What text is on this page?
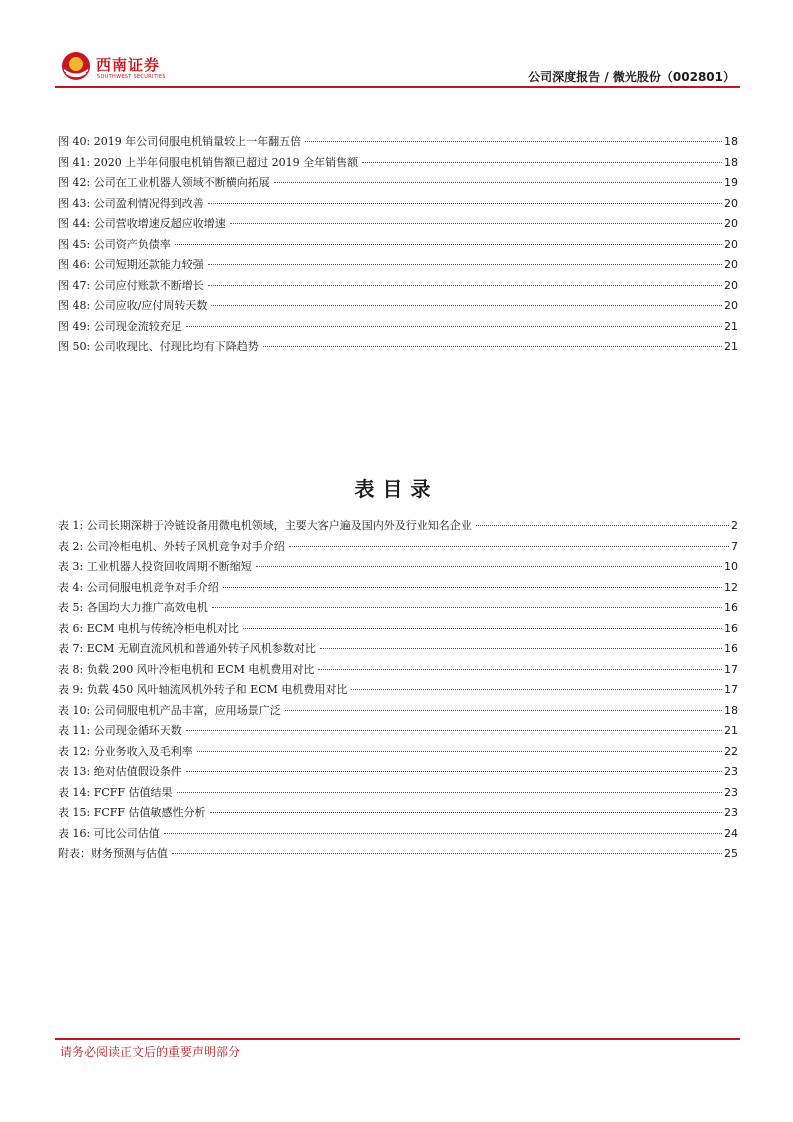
西南证券
SOUTHWEST SECURITIES	公司深度报告 / 微光股份（002801）
图 40: 2019 年公司伺服电机销量较上一年翻五倍	18
图 41: 2020 上半年伺服电机销售额已超过 2019 全年销售额	18
图 42: 公司在工业机器人领域不断横向拓展	19
图 43: 公司盈利情况得到改善	20
图 44: 公司营收增速反超应收增速	20
图 45: 公司资产负债率	20
图 46: 公司短期还款能力较强	20
图 47: 公司应付账款不断增长	20
图 48: 公司应收/应付周转天数	20
图 49: 公司现金流较充足	21
图 50: 公司收现比、付现比均有下降趋势	21
表目录
表 1: 公司长期深耕于冷链设备用微电机领域，主要大客户遍及国内外及行业知名企业	2
表 2: 公司冷柜电机、外转子风机竞争对手介绍	7
表 3: 工业机器人投资回收周期不断缩短	10
表 4: 公司伺服电机竞争对手介绍	12
表 5: 各国均大力推广高效电机	16
表 6: ECM 电机与传统冷柜电机对比	16
表 7: ECM 无刷直流风机和普通外转子风机参数对比	16
表 8: 负载 200 风叶冷柜电机和 ECM 电机费用对比	17
表 9: 负载 450 风叶轴流风机外转子和 ECM 电机费用对比	17
表 10: 公司伺服电机产品丰富，应用场景广泛	18
表 11: 公司现金循环天数	21
表 12: 分业务收入及毛利率	22
表 13: 绝对估值假设条件	23
表 14: FCFF 估值结果	23
表 15: FCFF 估值敏感性分析	23
表 16: 可比公司估值	24
附表：财务预测与估值	25
请务必阅读正文后的重要声明部分
